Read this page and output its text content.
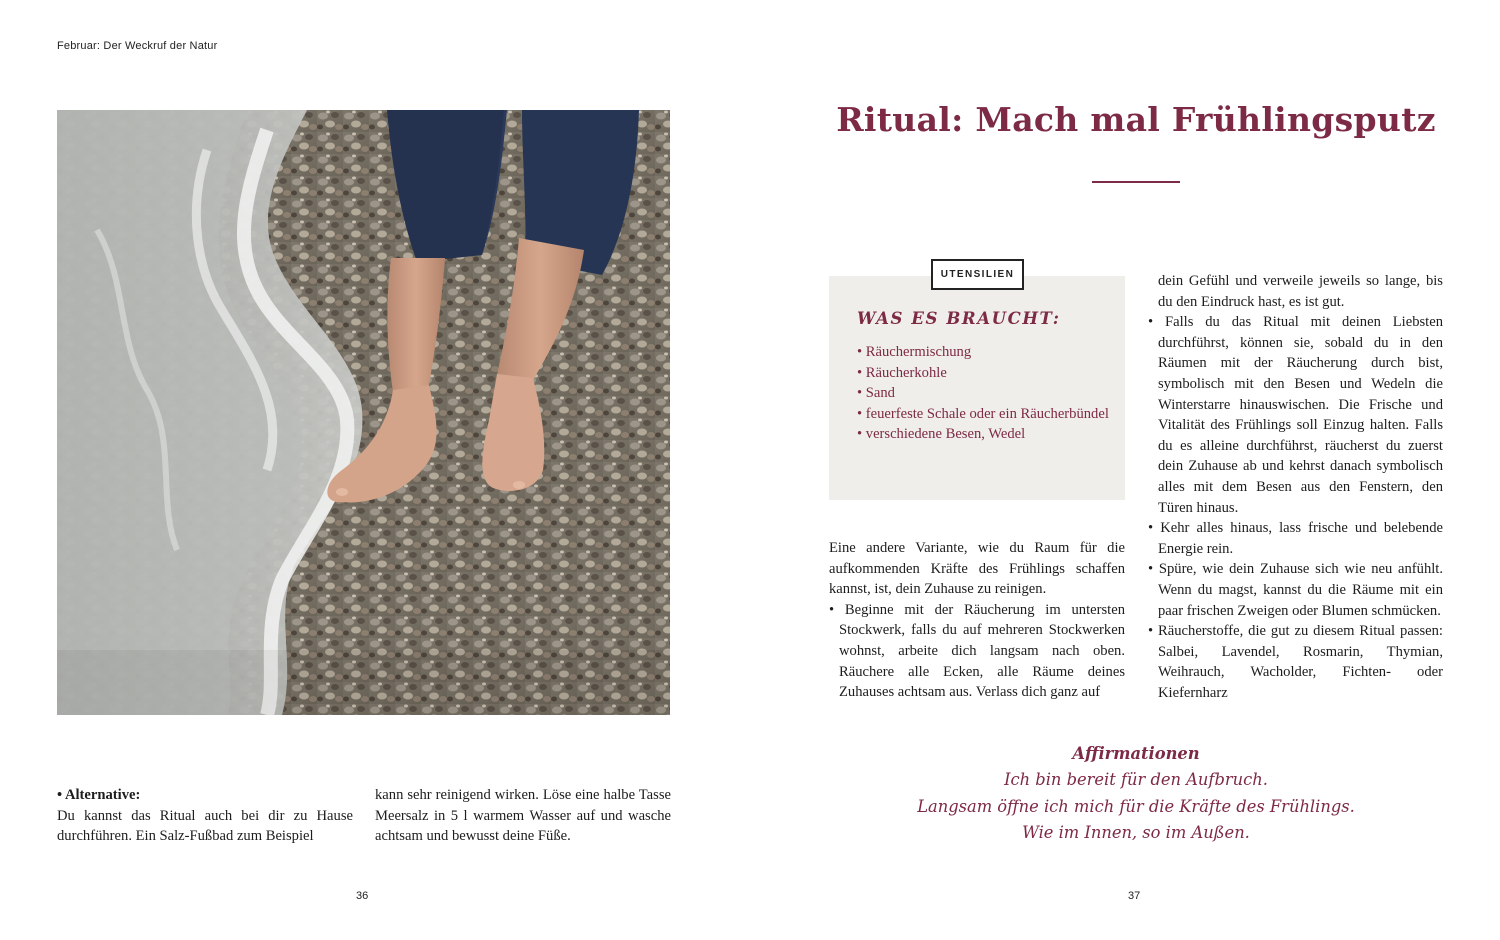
Februar: Der Weckruf der Natur
• Alternative:
Du kannst das Ritual auch bei dir zu Hause durchführen. Ein Salz-Fußbad zum Beispiel
kann sehr reinigend wirken. Löse eine halbe Tasse Meersalz in 5 l warmem Wasser auf und wasche achtsam und bewusst deine Füße.
36
Ritual: Mach mal Frühlingsputz
UTENSILIEN
WAS ES BRAUCHT:
• Räuchermischung
• Räucherkohle
• Sand
• feuerfeste Schale oder ein Räucherbündel
• verschiedene Besen, Wedel

Eine andere Variante, wie du Raum für die aufkommenden Kräfte des Frühlings schaffen kannst, ist, dein Zuhause zu reinigen.

• Beginne mit der Räucherung im untersten Stockwerk, falls du auf mehreren Stockwerken wohnst, arbeite dich langsam nach oben. Räuchere alle Ecken, alle Räume deines Zuhauses achtsam aus. Verlass dich ganz auf

dein Gefühl und verweile jeweils so lange, bis du den Eindruck hast, es ist gut.

• Falls du das Ritual mit deinen Liebsten durchführst, können sie, sobald du in den Räumen mit der Räucherung durch bist, symbolisch mit den Besen und Wedeln die Winterstarre hinauswischen. Die Frische und Vitalität des Frühlings soll Einzug halten. Falls du es alleine durchführst, räucherst du zuerst dein Zuhause ab und kehrst danach symbolisch alles mit dem Besen aus den Fenstern, den Türen hinaus.
• Kehr alles hinaus, lass frische und belebende Energie rein.
• Spüre, wie dein Zuhause sich wie neu anfühlt. Wenn du magst, kannst du die Räume mit ein paar frischen Zweigen oder Blumen schmücken.
• Räucherstoffe, die gut zu diesem Ritual passen: Salbei, Lavendel, Rosmarin, Thymian, Weihrauch, Wacholder, Fichten- oder Kiefernharz
Affirmationen
Ich bin bereit für den Aufbruch.
Langsam öffne ich mich für die Kräfte des Frühlings.
Wie im Innen, so im Außen.
37
